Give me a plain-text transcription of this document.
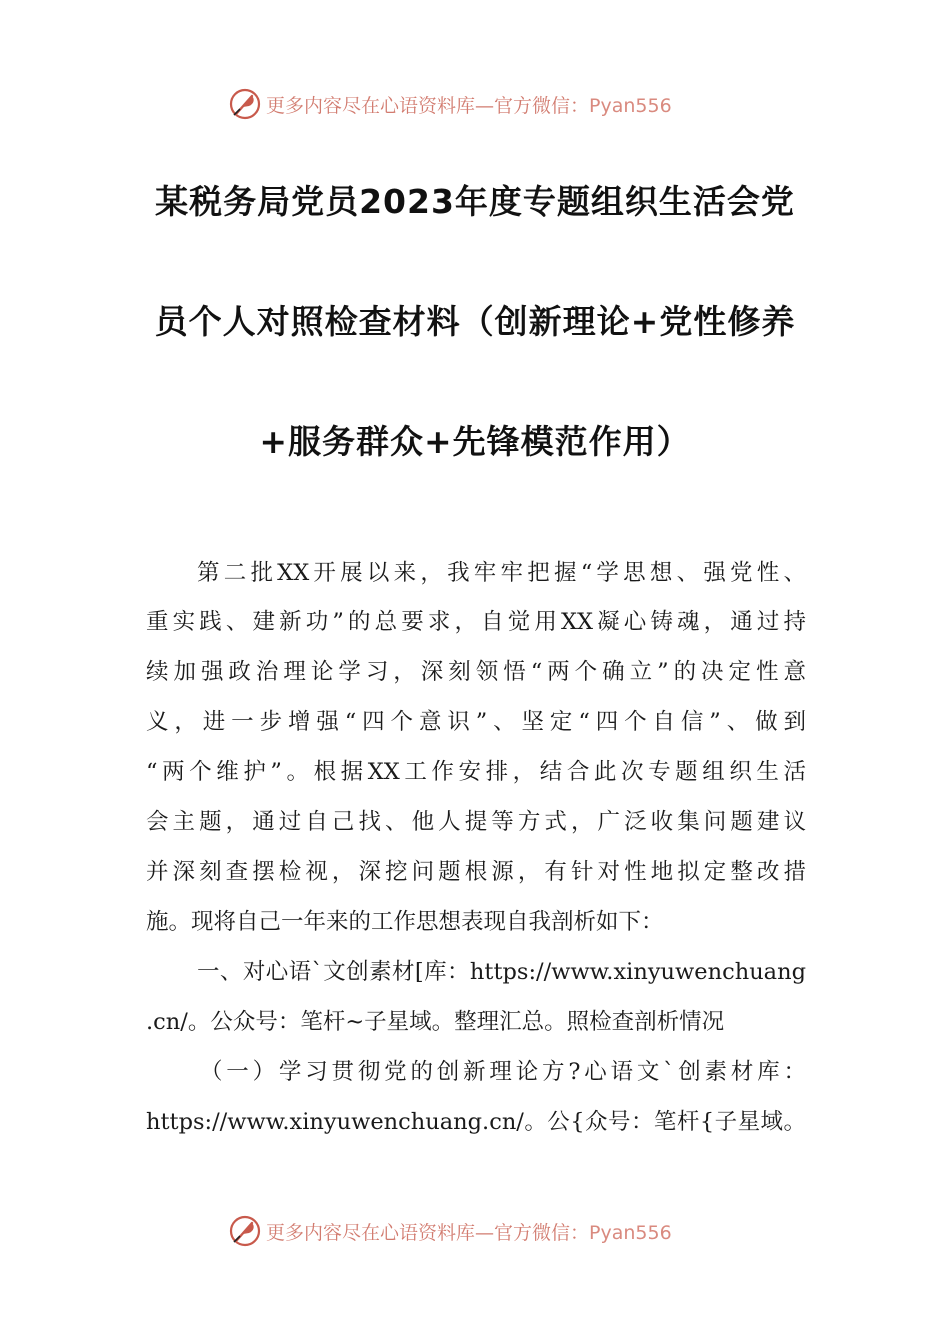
更多内容尽在心语资料库—官方微信：Pyan556
某税务局党员2023年度专题组织生活会党
员个人对照检查材料（创新理论+党性修养
+服务群众+先锋模范作用）
第二批XX开展以来，我牢牢把握“学思想、强党性、
重实践、建新功”的总要求，自觉用XX凝心铸魂，通过持
续加强政治理论学习，深刻领悟“两个确立”的决定性意
义，进一步增强“四个意识”、坚定“四个自信”、做到
“两个维护”。根据XX工作安排，结合此次专题组织生活
会主题，通过自己找、他人提等方式，广泛收集问题建议
并深刻查摆检视，深挖问题根源，有针对性地拟定整改措
施。现将自己一年来的工作思想表现自我剖析如下：
一、对心语`文创素材[库：https://www.xinyuwenchuang
.cn/。公众号：笔杆~子星域。整理汇总。照检查剖析情况
（一）学习贯彻党的创新理论方?心语文`创素材库：
https://www.xinyuwenchuang.cn/。公{众号：笔杆{子星域。
更多内容尽在心语资料库—官方微信：Pyan556
